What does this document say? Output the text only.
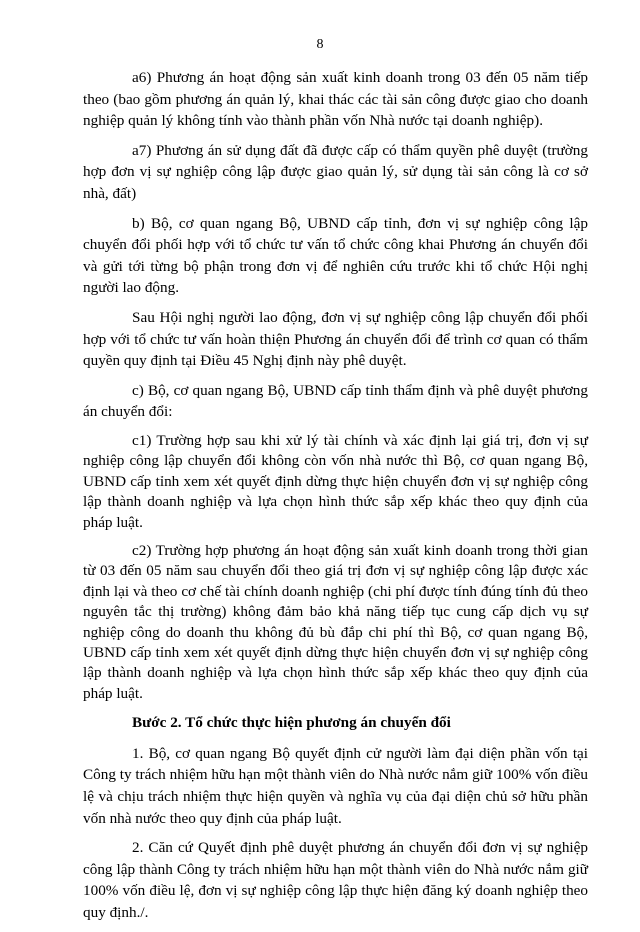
8

a6) Phương án hoạt động sản xuất kinh doanh trong 03 đến 05 năm tiếp theo (bao gồm phương án quản lý, khai thác các tài sản công được giao cho doanh nghiệp quản lý không tính vào thành phần vốn Nhà nước tại doanh nghiệp).

a7) Phương án sử dụng đất đã được cấp có thẩm quyền phê duyệt (trường hợp đơn vị sự nghiệp công lập được giao quản lý, sử dụng tài sản công là cơ sở nhà, đất)

b) Bộ, cơ quan ngang Bộ, UBND cấp tỉnh, đơn vị sự nghiệp công lập chuyển đổi phối hợp với tổ chức tư vấn tổ chức công khai Phương án chuyển đổi và gửi tới từng bộ phận trong đơn vị để nghiên cứu trước khi tổ chức Hội nghị người lao động.

Sau Hội nghị người lao động, đơn vị sự nghiệp công lập chuyển đổi phối hợp với tổ chức tư vấn hoàn thiện Phương án chuyển đổi để trình cơ quan có thẩm quyền quy định tại Điều 45 Nghị định này phê duyệt.

c) Bộ, cơ quan ngang Bộ, UBND cấp tỉnh thẩm định và phê duyệt phương án chuyển đổi:

c1) Trường hợp sau khi xử lý tài chính và xác định lại giá trị, đơn vị sự nghiệp công lập chuyển đổi không còn vốn nhà nước thì Bộ, cơ quan ngang Bộ, UBND cấp tỉnh xem xét quyết định dừng thực hiện chuyển đơn vị sự nghiệp công lập thành doanh nghiệp và lựa chọn hình thức sắp xếp khác theo quy định của pháp luật.

c2) Trường hợp phương án hoạt động sản xuất kinh doanh trong thời gian từ 03 đến 05 năm sau chuyển đổi theo giá trị đơn vị sự nghiệp công lập được xác định lại và theo cơ chế tài chính doanh nghiệp (chi phí được tính đúng tính đủ theo nguyên tắc thị trường) không đảm bảo khả năng tiếp tục cung cấp dịch vụ sự nghiệp công do doanh thu không đủ bù đắp chi phí thì Bộ, cơ quan ngang Bộ, UBND cấp tỉnh xem xét quyết định dừng thực hiện chuyển đơn vị sự nghiệp công lập thành doanh nghiệp và lựa chọn hình thức sắp xếp khác theo quy định của pháp luật.

Bước 2. Tổ chức thực hiện phương án chuyển đổi

1. Bộ, cơ quan ngang Bộ quyết định cử người làm đại diện phần vốn tại Công ty trách nhiệm hữu hạn một thành viên do Nhà nước nắm giữ 100% vốn điều lệ và chịu trách nhiệm thực hiện quyền và nghĩa vụ của đại diện chủ sở hữu phần vốn nhà nước theo quy định của pháp luật.

2. Căn cứ Quyết định phê duyệt phương án chuyển đổi đơn vị sự nghiệp công lập thành Công ty trách nhiệm hữu hạn một thành viên do Nhà nước nắm giữ 100% vốn điều lệ, đơn vị sự nghiệp công lập thực hiện đăng ký doanh nghiệp theo quy định./.
